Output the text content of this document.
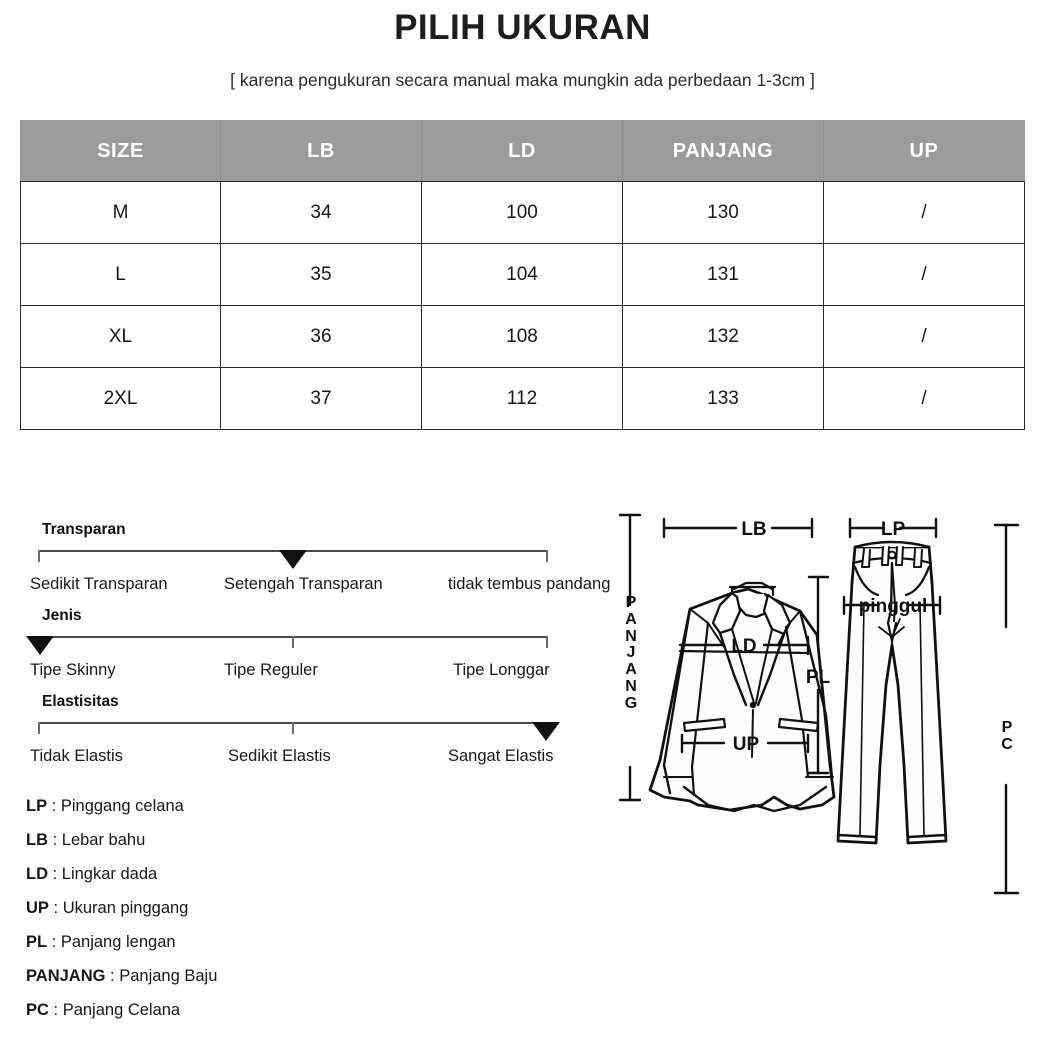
PILIH UKURAN
[ karena pengukuran secara manual maka mungkin ada perbedaan 1-3cm ]
SIZE	LB	LD	PANJANG	UP
M	34	100	130	/
L	35	104	131	/
XL	36	108	132	/
2XL	37	112	133	/
Transparan
Sedikit Transparan	Setengah Transparan	tidak tembus pandang
Jenis
Tipe Skinny	Tipe Reguler	Tipe Longgar
Elastisitas
Tidak Elastis	Sedikit Elastis	Sangat Elastis
LP : Pinggang celana
LB : Lebar bahu
LD : Lingkar dada
UP : Ukuran pinggang
PL : Panjang lengan
PANJANG : Panjang Baju
PC : Panjang Celana
P
A
N
J
A
N
G
P
C
LB
LD
UP
PL
LP
pinggul
